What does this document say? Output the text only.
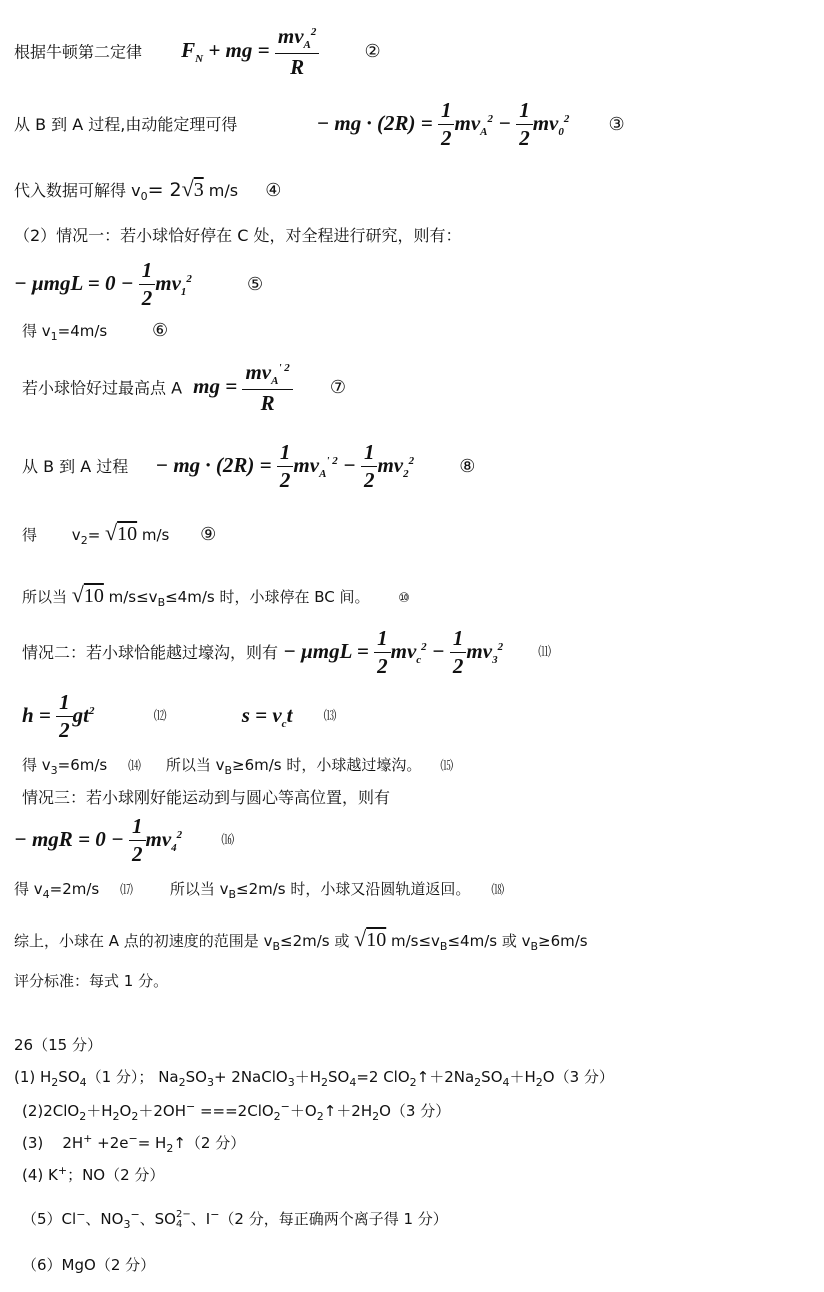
根据牛顿第二定律 $F_N$ + mg = $\frac{mv_A^2}{R}$	②
从 B 到 A 过程,由动能定理可得	− mg · $(2R) = \frac{1}{2} mv_A^2 - \frac{1}{2} mv_0^2$ ③
代入数据可解得 $v_0= 2√3$ m/s ④
（2）情况一：若小球恰好停在 C 处，对全程进行研究，则有：
− $\mu mgL = 0 - \frac{1}{2} mv_1^2$	⑤
得 $v_1=4m/s$ ⑥
若小球恰好过最高点 A mg = $\frac{mv_A^{' 2}}{R}$ ⑦
从 B 到 A 过程 − mg · $(2R) = \frac{1}{2} mv_A^{' 2} - \frac{1}{2} mv_2^2$	⑧
得 $v_2= √10$ m/s ⑨
所以当 √10 $m/s\le v_B\le 4m/s$ 时，小球停在 BC 间。 ⑩
情况二：若小球恰能越过壕沟，则有 − $\mu mgL = \frac{1}{2} mv_c^2 - \frac{1}{2} mv_3^2$	⑾
$h = \frac{1}{2} gt^2$	⑿	$s = v_ct$ ⒀
得 $v_3=6m/s$ ⒁ 所以当 $v_B\ge 6m/s$ 时，小球越过壕沟。 ⒂
情况三：若小球刚好能运动到与圆心等高位置，则有
− mgR = $0 - \frac{1}{2} mv_4^2$	⒃
得 $v_4=2m/s$ ⒄ 所以当 $v_B\le 2m/s$ 时，小球又沿圆轨道返回。 ⒅
综上，小球在 A 点的初速度的范围是 $v_B\le 2m/s$ 或 √10 $m/s\le v_B\le 4m/s$ 或 $v_B\ge 6m/s$
评分标准：每式 1 分。
26（15 分）
(1) $H_2SO_4(1$ 分）； $Na_2SO_3+$ $2NaClO_3+H_2SO_4=2$ $ClO_2↑+2Na_2SO_4+H_2O(3$ 分）
$(2)2ClO_2+H_2O_2+2OH^-$ $===2ClO_2^-+O_2↑+2H_2O(3$ 分）
(3)    $2H^+ +2e^-= H_2↑(2$ 分）
(4) K+；NO（2 分）
（5）Cl−、$NO_3^-$、SO 2−
4 、I−（2 分，每正确两个离子得 1 分）
（6）MgO（2 分）
